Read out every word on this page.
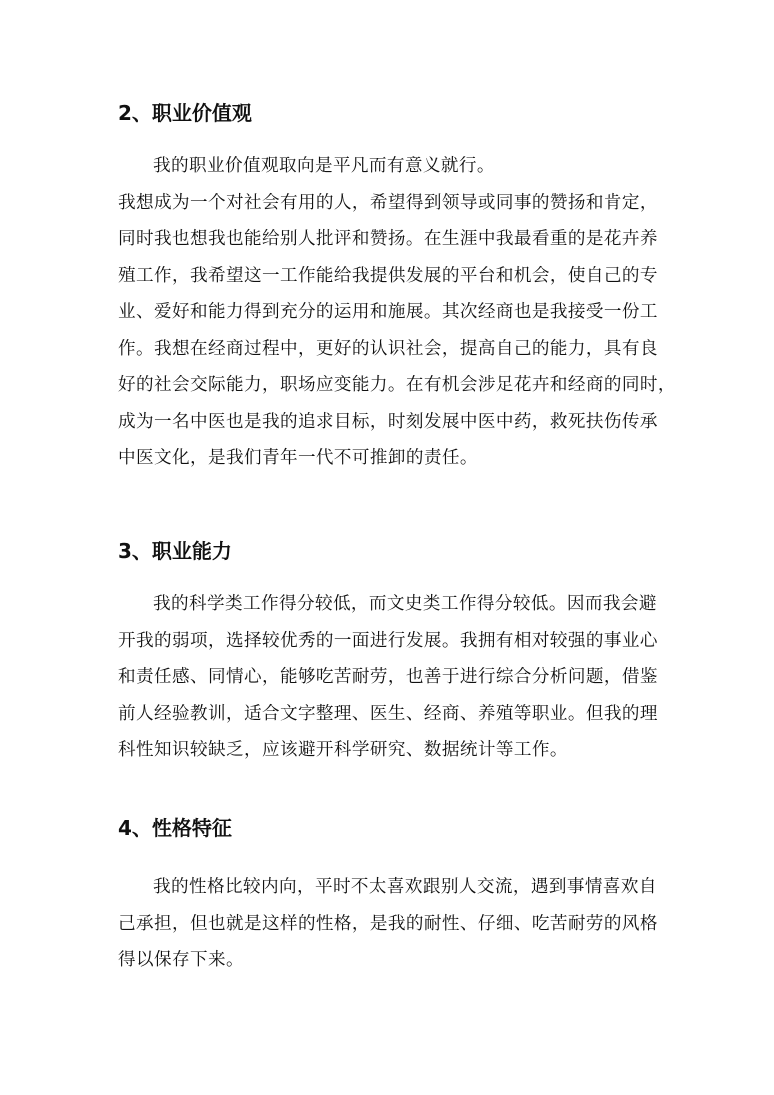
2、职业价值观
我的职业价值观取向是平凡而有意义就行。
我想成为一个对社会有用的人，希望得到领导或同事的赞扬和肯定，
同时我也想我也能给别人批评和赞扬。在生涯中我最看重的是花卉养
殖工作，我希望这一工作能给我提供发展的平台和机会，使自己的专
业、爱好和能力得到充分的运用和施展。其次经商也是我接受一份工
作。我想在经商过程中，更好的认识社会，提高自己的能力，具有良
好的社会交际能力，职场应变能力。在有机会涉足花卉和经商的同时，
成为一名中医也是我的追求目标，时刻发展中医中药，救死扶伤传承
中医文化，是我们青年一代不可推卸的责任。
3、职业能力
我的科学类工作得分较低，而文史类工作得分较低。因而我会避
开我的弱项，选择较优秀的一面进行发展。我拥有相对较强的事业心
和责任感、同情心，能够吃苦耐劳，也善于进行综合分析问题，借鉴
前人经验教训，适合文字整理、医生、经商、养殖等职业。但我的理
科性知识较缺乏，应该避开科学研究、数据统计等工作。
4、性格特征
我的性格比较内向，平时不太喜欢跟别人交流，遇到事情喜欢自
己承担，但也就是这样的性格，是我的耐性、仔细、吃苦耐劳的风格
得以保存下来。
